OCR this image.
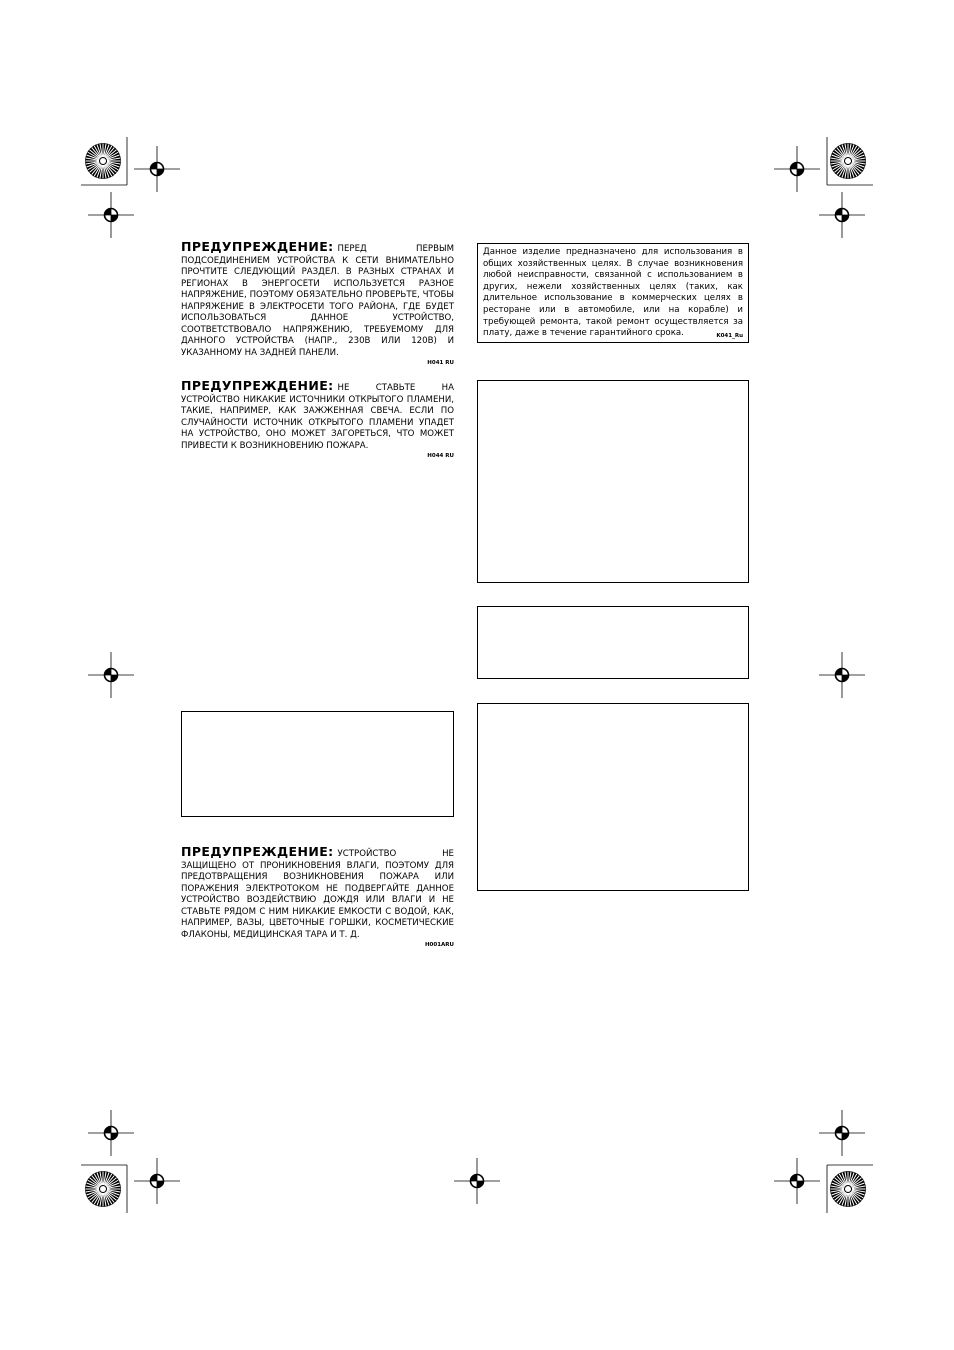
ПРЕДУПРЕЖДЕНИЕ: ПЕРЕД ПЕРВЫМ ПОДСОЕДИНЕНИЕМ УСТРОЙСТВА К СЕТИ ВНИМАТЕЛЬНО ПРОЧТИТЕ СЛЕДУЮЩИЙ РАЗДЕЛ. В РАЗНЫХ СТРАНАХ И РЕГИОНАХ В ЭНЕРГОСЕТИ ИСПОЛЬЗУЕТСЯ РАЗНОЕ НАПРЯЖЕНИЕ, ПОЭТОМУ ОБЯЗАТЕЛЬНО ПРОВЕРЬТЕ, ЧТОБЫ НАПРЯЖЕНИЕ В ЭЛЕКТРОСЕТИ ТОГО РАЙОНА, ГДЕ БУДЕТ ИСПОЛЬЗОВАТЬСЯ ДАННОЕ УСТРОЙСТВО, СООТВЕТСТВОВАЛО НАПРЯЖЕНИЮ, ТРЕБУЕМОМУ ДЛЯ ДАННОГО УСТРОЙСТВА (НАПР., 230В ИЛИ 120В) И УКАЗАННОМУ НА ЗАДНЕЙ ПАНЕЛИ.
H041 RU
ПРЕДУПРЕЖДЕНИЕ: НЕ СТАВЬТЕ НА УСТРОЙСТВО НИКАКИЕ ИСТОЧНИКИ ОТКРЫТОГО ПЛАМЕНИ, ТАКИЕ, НАПРИМЕР, КАК ЗАЖЖЕННАЯ СВЕЧА. ЕСЛИ ПО СЛУЧАЙНОСТИ ИСТОЧНИК ОТКРЫТОГО ПЛАМЕНИ УПАДЕТ НА УСТРОЙСТВО, ОНО МОЖЕТ ЗАГОРЕТЬСЯ, ЧТО МОЖЕТ ПРИВЕСТИ К ВОЗНИКНОВЕНИЮ ПОЖАРА.
H044 RU
ПРЕДУПРЕЖДЕНИЕ: УСТРОЙСТВО НЕ ЗАЩИЩЕНО ОТ ПРОНИКНОВЕНИЯ ВЛАГИ, ПОЭТОМУ ДЛЯ ПРЕДОТВРАЩЕНИЯ ВОЗНИКНОВЕНИЯ ПОЖАРА ИЛИ ПОРАЖЕНИЯ ЭЛЕКТРОТОКОМ НЕ ПОДВЕРГАЙТЕ ДАННОЕ УСТРОЙСТВО ВОЗДЕЙСТВИЮ ДОЖДЯ ИЛИ ВЛАГИ И НЕ СТАВЬТЕ РЯДОМ С НИМ НИКАКИЕ ЕМКОСТИ С ВОДОЙ, КАК, НАПРИМЕР, ВАЗЫ, ЦВЕТОЧНЫЕ ГОРШКИ, КОСМЕТИЧЕСКИЕ ФЛАКОНЫ, МЕДИЦИНСКАЯ ТАРА И Т. Д.
H001ARU
Данное изделие предназначено для использования в общих хозяйственных целях. В случае возникновения любой неисправности, связанной с использованием в других, нежели хозяйственных целях (таких, как длительное использование в коммерческих целях в ресторане или в автомобиле, или на корабле) и требующей ремонта, такой ремонт осуществляется за плату, даже в течение гарантийного срока.	K041_Ru
